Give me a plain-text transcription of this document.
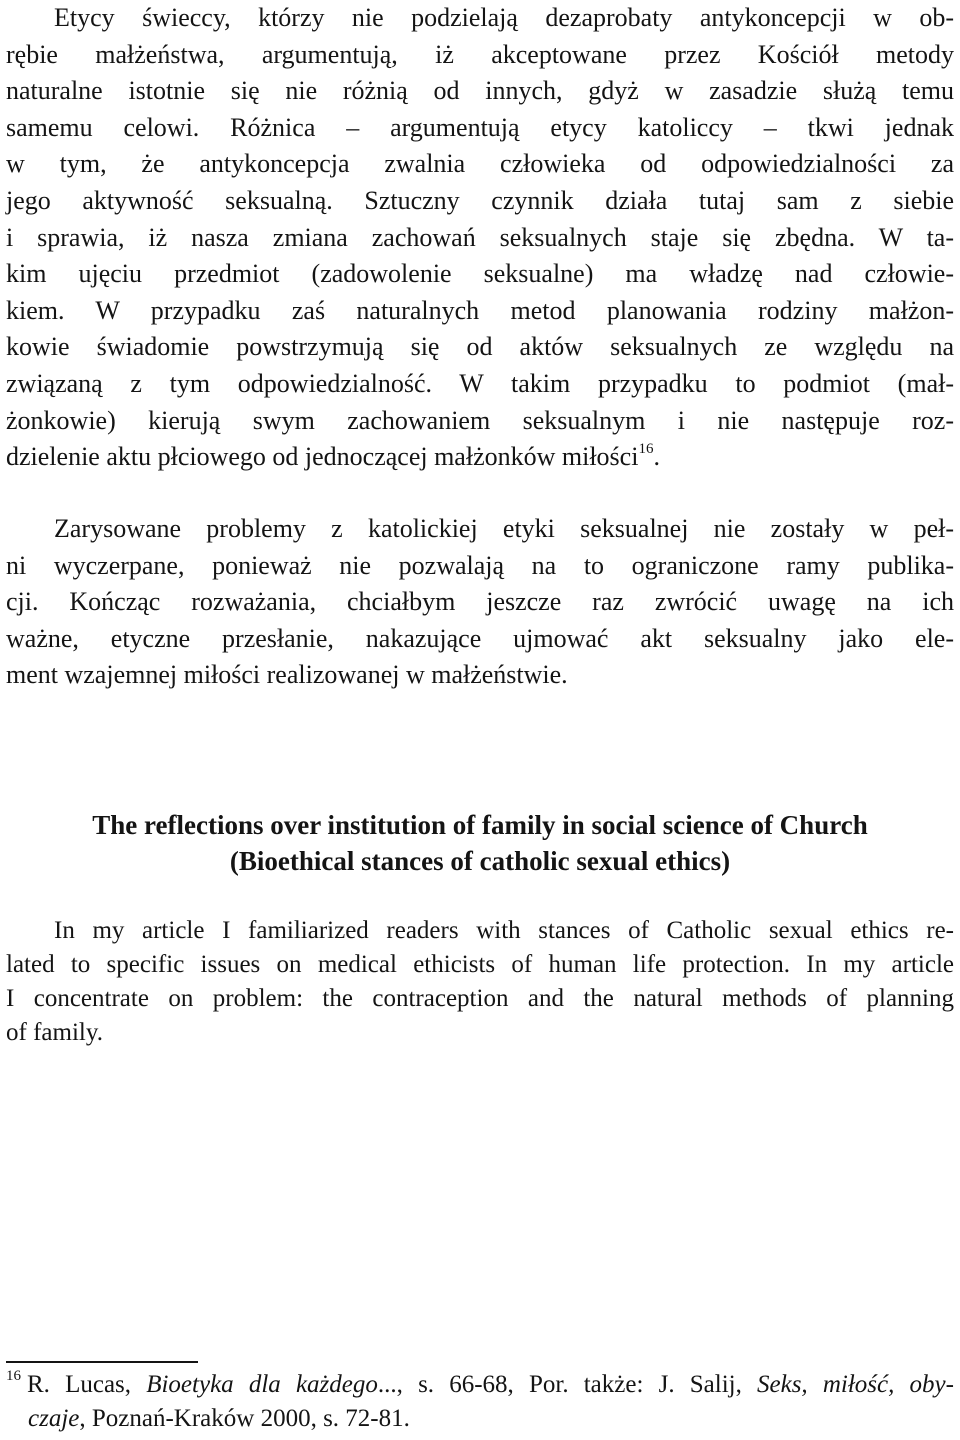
Etycy świeccy, którzy nie podzielają dezaprobaty antykoncepcji w ob-
rębie małżeństwa, argumentują, iż akceptowane przez Kościół metody
naturalne istotnie się nie różnią od innych, gdyż w zasadzie służą temu
samemu celowi. Różnica – argumentują etycy katoliccy – tkwi jednak
w tym, że antykoncepcja zwalnia człowieka od odpowiedzialności za
jego aktywność seksualną. Sztuczny czynnik działa tutaj sam z siebie
i sprawia, iż nasza zmiana zachowań seksualnych staje się zbędna. W ta-
kim ujęciu przedmiot (zadowolenie seksualne) ma władzę nad człowie-
kiem. W przypadku zaś naturalnych metod planowania rodziny małżon-
kowie świadomie powstrzymują się od aktów seksualnych ze względu na
związaną z tym odpowiedzialność. W takim przypadku to podmiot (mał-
żonkowie) kierują swym zachowaniem seksualnym i nie następuje roz-
dzielenie aktu płciowego od jednoczącej małżonków miłości$^{16}$.
Zarysowane problemy z katolickiej etyki seksualnej nie zostały w peł-
ni wyczerpane, ponieważ nie pozwalają na to ograniczone ramy publika-
cji. Kończąc rozważania, chciałbym jeszcze raz zwrócić uwagę na ich
ważne, etyczne przesłanie, nakazujące ujmować akt seksualny jako ele-
ment wzajemnej miłości realizowanej w małżeństwie.
The reflections over institution of family in social science of Church
(Bioethical stances of catholic sexual ethics)
In my article I familiarized readers with stances of Catholic sexual ethics re-
lated to specific issues on medical ethicists of human life protection. In my article
I concentrate on problem: the contraception and the natural methods of planning
of family.
$^{16}$ R. Lucas, Bioetyka dla każdego..., s. 66-68, Por. także: J. Salij, Seks, miłość, oby-
czaje, Poznań-Kraków 2000, s. 72-81.
